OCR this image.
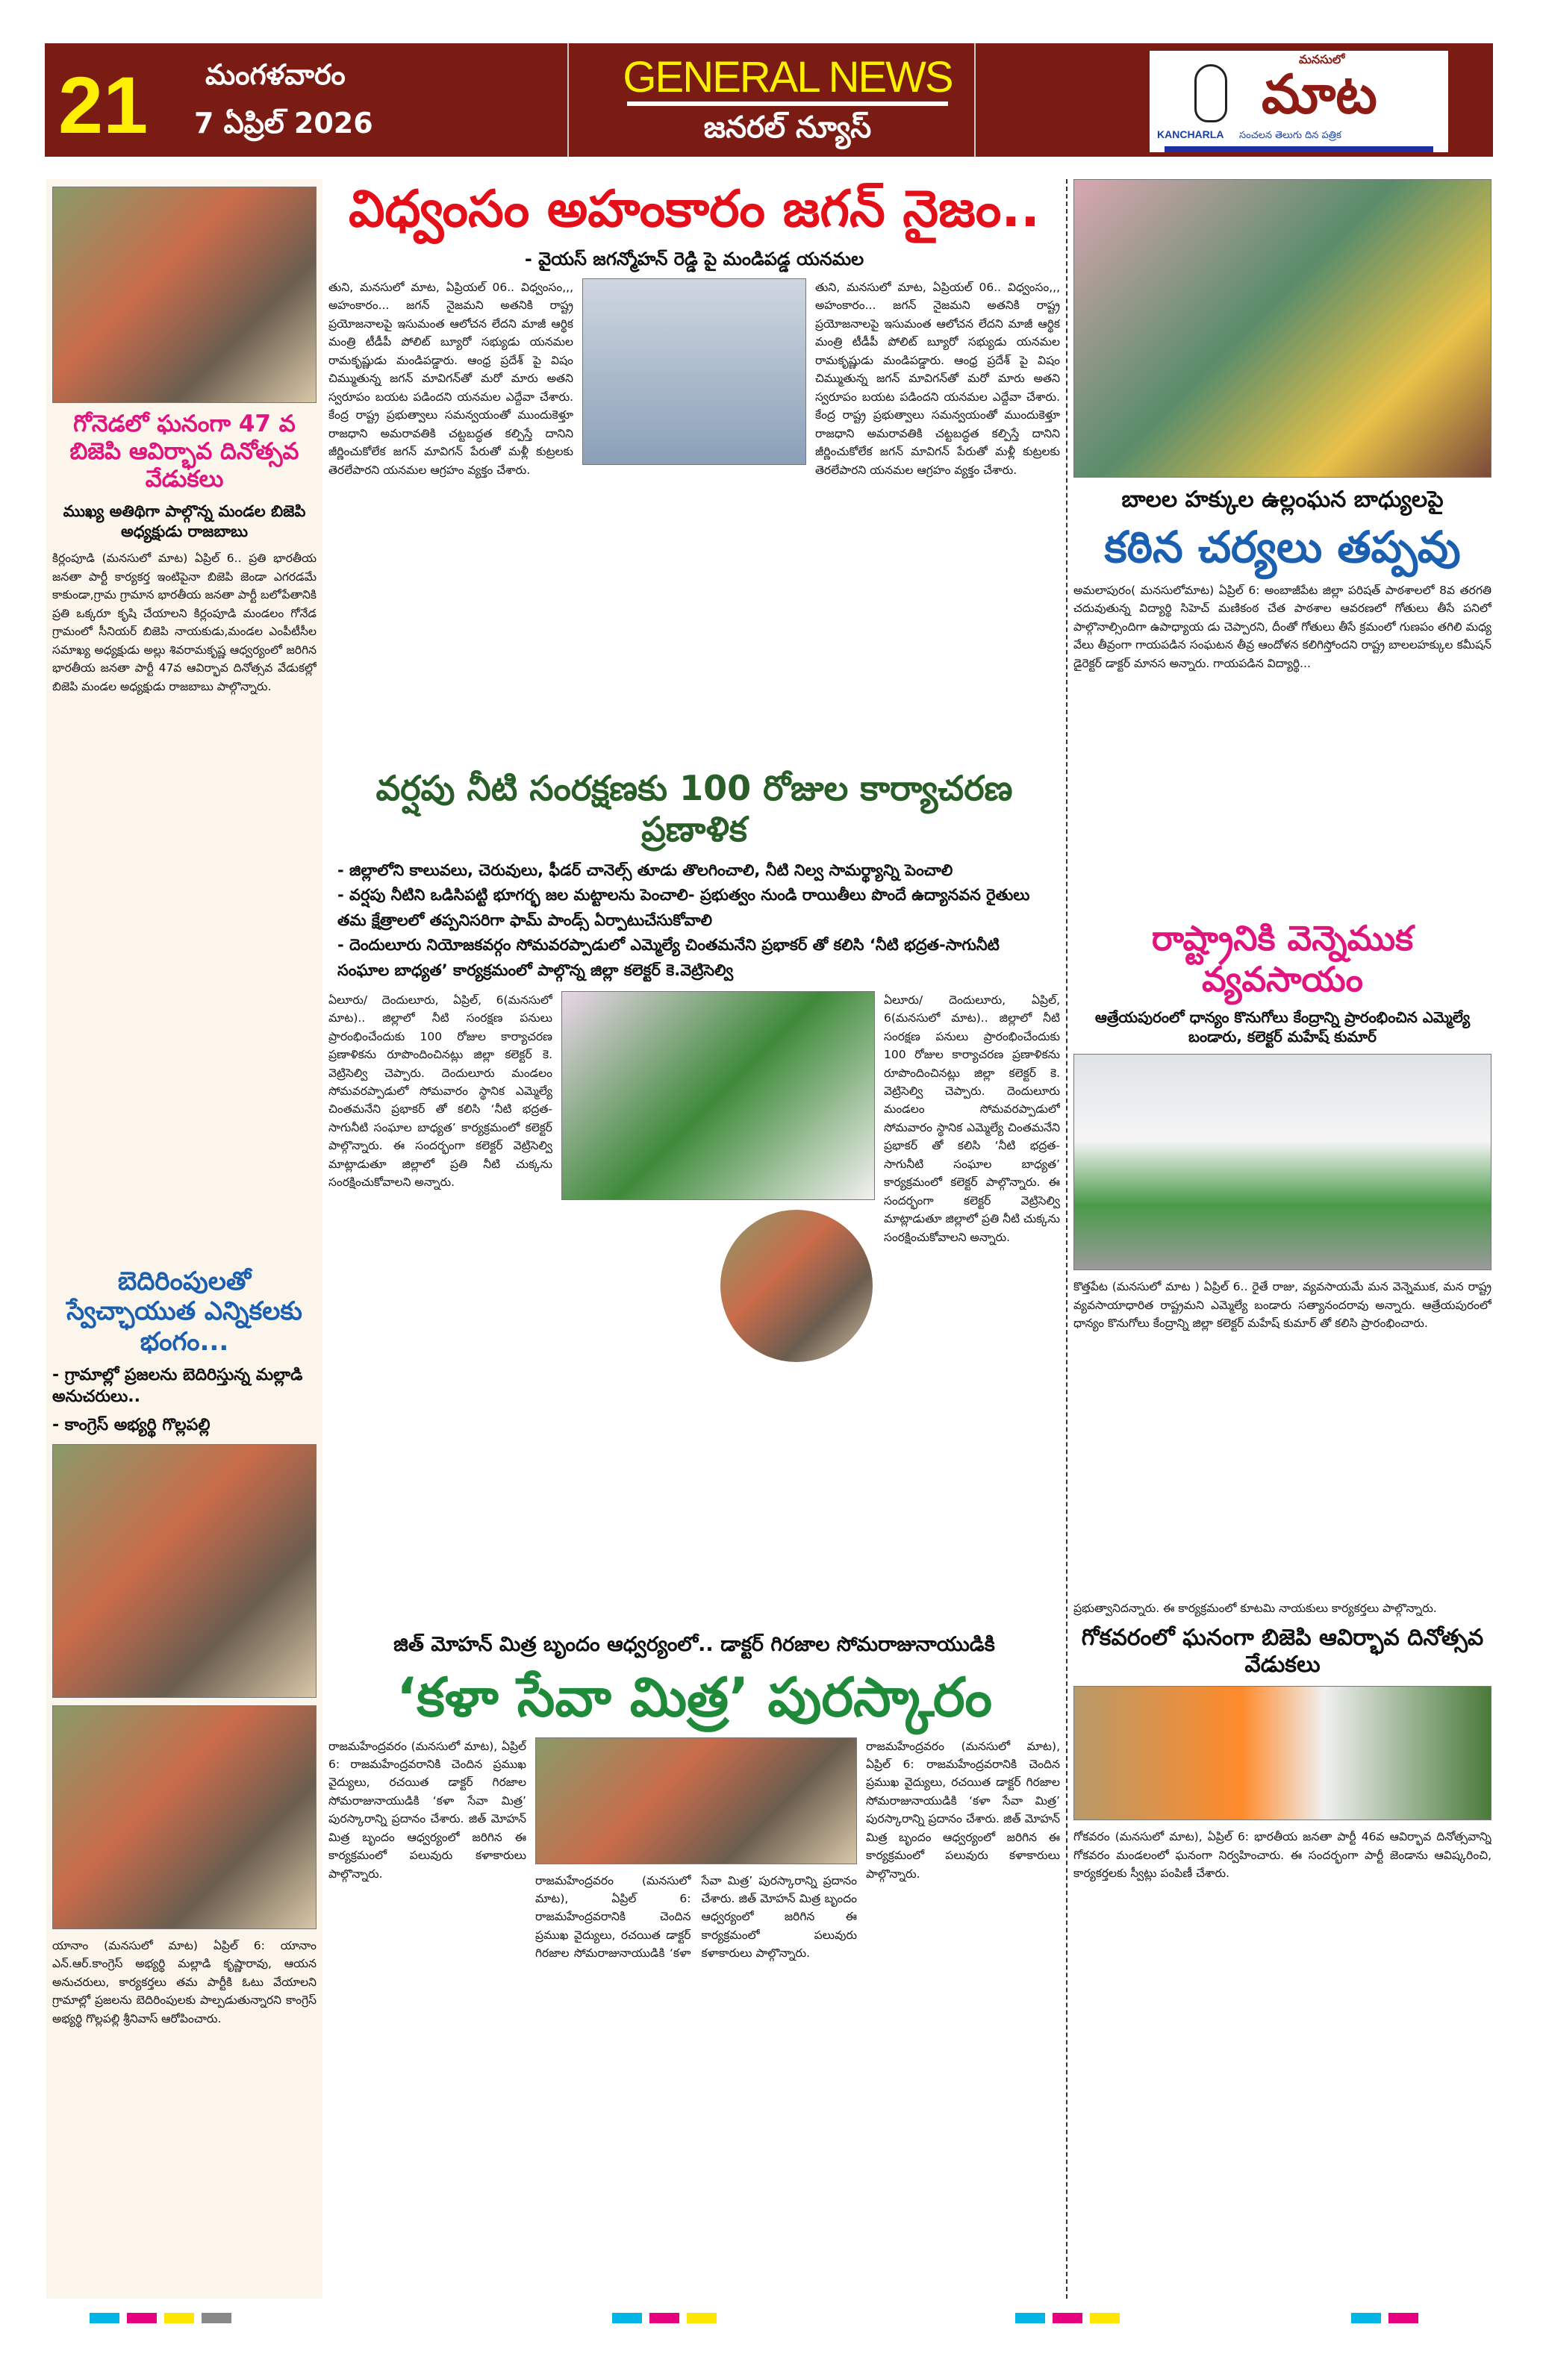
21 మంగళవారం
7 ఏప్రిల్ 2026
GENERAL NEWS
జనరల్ న్యూస్	KANCHARLA
మనసులో
మాట
సంచలన తెలుగు దిన పత్రిక
గోనెడలో ఘనంగా 47 వ బిజెపి ఆవిర్భావ దినోత్సవ వేడుకలు
ముఖ్య అతిథిగా పాల్గొన్న మండల బిజెపి అధ్యక్షుడు రాజబాబు
కిర్లంపూడి (మనసులో మాట) ఏప్రిల్ 6.. ప్రతి భారతీయ జనతా పార్టీ కార్యకర్త ఇంటిపైనా బిజెపి జెండా ఎగరడమే కాకుండా,గ్రామ గ్రామాన భారతీయ జనతా పార్టీ బలోపేతానికి ప్రతి ఒక్కరూ కృషి చేయాలని కిర్లంపూడి మండలం గోనేడ గ్రామంలో సీనియర్ బిజెపి నాయకుడు,మండల ఎంపీటీసీల సమాఖ్య అధ్యక్షుడు అల్లు శివరామకృష్ణ ఆధ్వర్యంలో జరిగిన భారతీయ జనతా పార్టీ 47వ ఆవిర్భావ దినోత్సవ వేడుకల్లో బిజెపి మండల అధ్యక్షుడు రాజబాబు పాల్గొన్నారు.
బెదిరింపులతో స్వేచ్ఛాయుత ఎన్నికలకు భంగం...
- గ్రామాల్లో ప్రజలను బెదిరిస్తున్న మల్లాడి అనుచరులు..
- కాంగ్రెస్ అభ్యర్థి గొల్లపల్లి
యానాం (మనసులో మాట) ఏప్రిల్ 6: యానాం ఎన్.ఆర్.కాంగ్రెస్ అభ్యర్థి మల్లాడి కృష్ణారావు, ఆయన అనుచరులు, కార్యకర్తలు తమ పార్టీకి ఓటు వేయాలని గ్రామాల్లో ప్రజలను బెదిరింపులకు పాల్పడుతున్నారని కాంగ్రెస్ అభ్యర్థి గొల్లపల్లి శ్రీనివాస్ ఆరోపించారు.
విధ్వంసం అహంకారం జగన్ నైజం..
- వైయస్ జగన్మోహన్ రెడ్డి పై మండిపడ్డ యనమల
తుని, మనసులో మాట, ఏప్రియల్ 06.. విధ్వంసం,,, అహంకారం... జగన్ నైజమని అతనికి రాష్ట్ర ప్రయోజనాలపై ఇసుమంత ఆలోచన లేదని మాజీ ఆర్థిక మంత్రి టీడీపీ పోలిట్ బ్యూరో సభ్యుడు యనమల రామకృష్ణుడు మండిపడ్డారు. ఆంధ్ర ప్రదేశ్ పై విషం చిమ్ముతున్న జగన్ మావిగన్‌తో మరో మారు అతని స్వరూపం బయట పడిందని యనమల ఎద్దేవా చేశారు. కేంద్ర రాష్ట్ర ప్రభుత్వాలు సమన్వయంతో ముందుకెళ్తూ రాజధాని అమరావతికి చట్టబద్ధత కల్పిస్తే దానిని జీర్ణించుకోలేక జగన్ మావిగన్ పేరుతో మళ్లీ కుట్రలకు తెరలేపారని యనమల ఆగ్రహం వ్యక్తం చేశారు.
తుని, మనసులో మాట, ఏప్రియల్ 06.. విధ్వంసం,,, అహంకారం... జగన్ నైజమని అతనికి రాష్ట్ర ప్రయోజనాలపై ఇసుమంత ఆలోచన లేదని మాజీ ఆర్థిక మంత్రి టీడీపీ పోలిట్ బ్యూరో సభ్యుడు యనమల రామకృష్ణుడు మండిపడ్డారు. ఆంధ్ర ప్రదేశ్ పై విషం చిమ్ముతున్న జగన్ మావిగన్‌తో మరో మారు అతని స్వరూపం బయట పడిందని యనమల ఎద్దేవా చేశారు. కేంద్ర రాష్ట్ర ప్రభుత్వాలు సమన్వయంతో ముందుకెళ్తూ రాజధాని అమరావతికి చట్టబద్ధత కల్పిస్తే దానిని జీర్ణించుకోలేక జగన్ మావిగన్ పేరుతో మళ్లీ కుట్రలకు తెరలేపారని యనమల ఆగ్రహం వ్యక్తం చేశారు.
వర్షపు నీటి సంరక్షణకు 100 రోజుల కార్యాచరణ ప్రణాళిక
- జిల్లాలోని కాలువలు, చెరువులు, ఫీడర్ చానెల్స్ తూడు తొలగించాలి, నీటి నిల్వ సామర్థ్యాన్ని పెంచాలి
- వర్షపు నీటిని ఒడిసిపట్టి భూగర్భ జల మట్టాలను పెంచాలి- ప్రభుత్వం నుండి రాయితీలు పొందే ఉద్యానవన రైతులు తమ క్షేత్రాలలో తప్పనిసరిగా ఫామ్ పాండ్స్ ఏర్పాటుచేసుకోవాలి
- దెందులూరు నియోజకవర్గం సోమవరప్పాడులో ఎమ్మెల్యే చింతమనేని ప్రభాకర్ తో కలిసి ‘నీటి భద్రత-సాగునీటి సంఘాల బాధ్యత’ కార్యక్రమంలో పాల్గొన్న జిల్లా కలెక్టర్ కె.వెట్రిసెల్వి
ఏలూరు/ దెందులూరు, ఏప్రిల్, 6(మనసులో మాట).. జిల్లాలో నీటి సంరక్షణ పనులు ప్రారంభించేందుకు 100 రోజుల కార్యాచరణ ప్రణాళికను రూపొందించినట్లు జిల్లా కలెక్టర్ కె. వెట్రిసెల్వి చెప్పారు. దెందులూరు మండలం సోమవరప్పాడులో సోమవారం స్థానిక ఎమ్మెల్యే చింతమనేని ప్రభాకర్ తో కలిసి ‘నీటి భద్రత- సాగునీటి సంఘాల బాధ్యత’ కార్యక్రమంలో కలెక్టర్ పాల్గొన్నారు. ఈ సందర్భంగా కలెక్టర్ వెట్రిసెల్వి మాట్లాడుతూ జిల్లాలో ప్రతి నీటి చుక్కను సంరక్షించుకోవాలని అన్నారు.
ఏలూరు/ దెందులూరు, ఏప్రిల్, 6(మనసులో మాట).. జిల్లాలో నీటి సంరక్షణ పనులు ప్రారంభించేందుకు 100 రోజుల కార్యాచరణ ప్రణాళికను రూపొందించినట్లు జిల్లా కలెక్టర్ కె. వెట్రిసెల్వి చెప్పారు. దెందులూరు మండలం సోమవరప్పాడులో సోమవారం స్థానిక ఎమ్మెల్యే చింతమనేని ప్రభాకర్ తో కలిసి ‘నీటి భద్రత- సాగునీటి సంఘాల బాధ్యత’ కార్యక్రమంలో కలెక్టర్ పాల్గొన్నారు. ఈ సందర్భంగా కలెక్టర్ వెట్రిసెల్వి మాట్లాడుతూ జిల్లాలో ప్రతి నీటి చుక్కను సంరక్షించుకోవాలని అన్నారు.
జిత్ మోహన్ మిత్ర బృందం ఆధ్వర్యంలో.. డాక్టర్ గిరజాల సోమరాజునాయుడికి
‘కళా సేవా మిత్ర’ పురస్కారం
రాజమహేంద్రవరం (మనసులో మాట), ఏప్రిల్ 6: రాజమహేంద్రవరానికి చెందిన ప్రముఖ వైద్యులు, రచయిత డాక్టర్ గిరజాల సోమరాజునాయుడికి ‘కళా సేవా మిత్ర’ పురస్కారాన్ని ప్రదానం చేశారు. జిత్ మోహన్ మిత్ర బృందం ఆధ్వర్యంలో జరిగిన ఈ కార్యక్రమంలో పలువురు కళాకారులు పాల్గొన్నారు.	రాజమహేంద్రవరం (మనసులో మాట), ఏప్రిల్ 6: రాజమహేంద్రవరానికి చెందిన ప్రముఖ వైద్యులు, రచయిత డాక్టర్ గిరజాల సోమరాజునాయుడికి ‘కళా సేవా మిత్ర’ పురస్కారాన్ని ప్రదానం చేశారు. జిత్ మోహన్ మిత్ర బృందం ఆధ్వర్యంలో జరిగిన ఈ కార్యక్రమంలో పలువురు కళాకారులు పాల్గొన్నారు.
రాజమహేంద్రవరం (మనసులో మాట), ఏప్రిల్ 6: రాజమహేంద్రవరానికి చెందిన ప్రముఖ వైద్యులు, రచయిత డాక్టర్ గిరజాల సోమరాజునాయుడికి ‘కళా సేవా మిత్ర’ పురస్కారాన్ని ప్రదానం చేశారు. జిత్ మోహన్ మిత్ర బృందం ఆధ్వర్యంలో జరిగిన ఈ కార్యక్రమంలో పలువురు కళాకారులు పాల్గొన్నారు.
బాలల హక్కుల ఉల్లంఘన బాధ్యులపై
కఠిన చర్యలు తప్పవు
అమలాపురం( మనసులోమాట) ఏప్రిల్ 6: అంబాజీపేట జిల్లా పరిషత్ పాఠశాలలో 8వ తరగతి చదువుతున్న విద్యార్థి సిహెచ్ మణికంఠ చేత పాఠశాల ఆవరణలో గోతులు తీసే పనిలో పాల్గొనాల్సిందిగా ఉపాధ్యాయ డు చెప్పారని, దీంతో గోతులు తీసే క్రమంలో గుణపం తగిలి మధ్య వేలు తీవ్రంగా గాయపడిన సంఘటన తీవ్ర ఆందోళన కలిగిస్తోందని రాష్ట్ర బాలలహక్కుల కమీషన్ డైరెక్టర్ డాక్టర్ మానస అన్నారు. గాయపడిన విద్యార్థి...
రాష్ట్రానికి వెన్నెముక వ్యవసాయం
ఆత్రేయపురంలో ధాన్యం కొనుగోలు కేంద్రాన్ని ప్రారంభించిన ఎమ్మెల్యే బండారు, కలెక్టర్ మహేష్ కుమార్
కొత్తపేట (మనసులో మాట ) ఏప్రిల్ 6.. రైతే రాజు, వ్యవసాయమే మన వెన్నెముక, మన రాష్ట్ర వ్యవసాయాధారిత రాష్ట్రమని ఎమ్మెల్యే బండారు సత్యానందరావు అన్నారు. ఆత్రేయపురంలో ధాన్యం కొనుగోలు కేంద్రాన్ని జిల్లా కలెక్టర్ మహేష్ కుమార్ తో కలిసి ప్రారంభించారు.
ప్రభుత్వానిదన్నారు. ఈ కార్యక్రమంలో కూటమి నాయకులు కార్యకర్తలు పాల్గొన్నారు.
గోకవరంలో ఘనంగా బిజెపి ఆవిర్భావ దినోత్సవ వేడుకలు
గోకవరం (మనసులో మాట), ఏప్రిల్ 6: భారతీయ జనతా పార్టీ 46వ ఆవిర్భావ దినోత్సవాన్ని గోకవరం మండలంలో ఘనంగా నిర్వహించారు. ఈ సందర్భంగా పార్టీ జెండాను ఆవిష్కరించి, కార్యకర్తలకు స్వీట్లు పంపిణీ చేశారు.
